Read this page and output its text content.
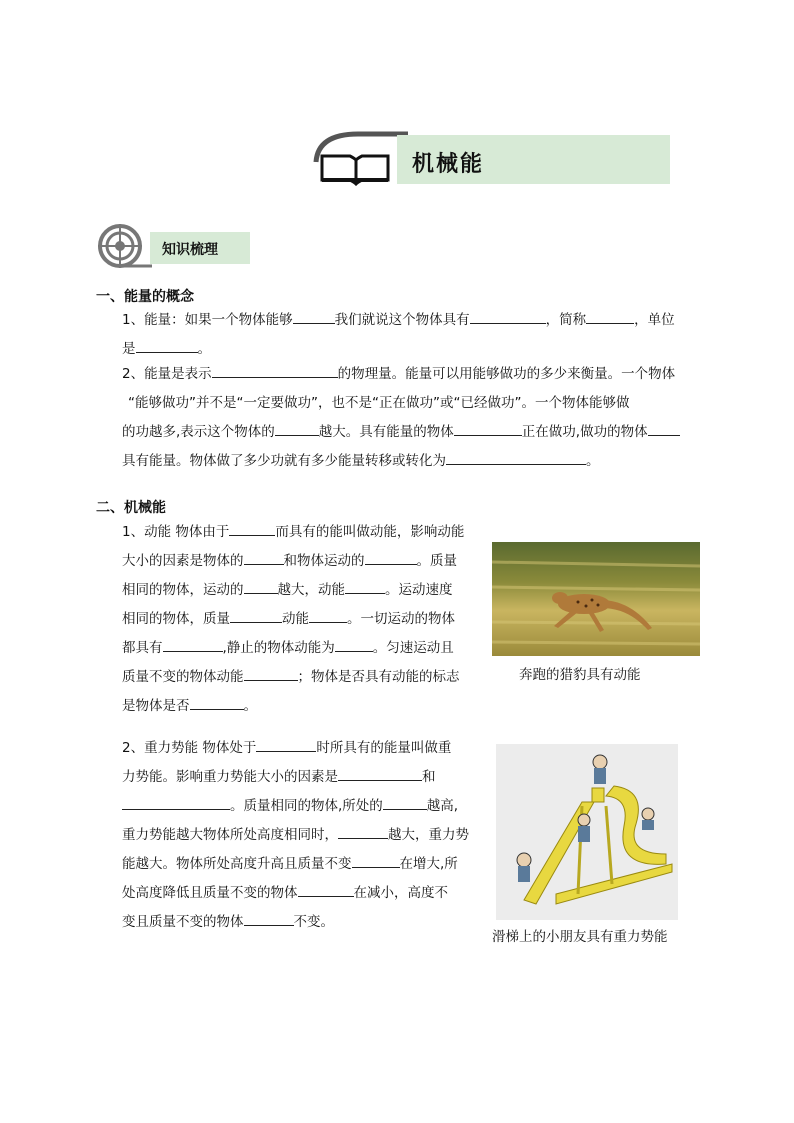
机械能
知识梳理
一、能量的概念
1、能量：如果一个物体能够	我们就说这个物体具有	，简称	，单位
是	。
2、能量是表示	的物理量。能量可以用能够做功的多少来衡量。一个物体
“能够做功”并不是“一定要做功”，也不是“正在做功”或“已经做功”。一个物体能够做
的功越多,表示这个物体的	越大。具有能量的物体	正在做功,做功的物体
具有能量。物体做了多少功就有多少能量转移或转化为	。
二、机械能
1、动能 物体由于	而具有的能叫做动能，影响动能
大小的因素是物体的	和物体运动的	。质量
相同的物体，运动的	越大，动能	。运动速度
相同的物体，质量	动能	。一切运动的物体
都具有	,静止的物体动能为	。匀速运动且
质量不变的物体动能	；物体是否具有动能的标志
是物体是否	。
奔跑的猎豹具有动能
2、重力势能 物体处于	时所具有的能量叫做重
力势能。影响重力势能大小的因素是	和
。质量相同的物体,所处的	越高,
重力势能越大物体所处高度相同时，	越大，重力势
能越大。物体所处高度升高且质量不变	在增大,所
处高度降低且质量不变的物体	在减小，高度不
变且质量不变的物体	不变。
滑梯上的小朋友具有重力势能
